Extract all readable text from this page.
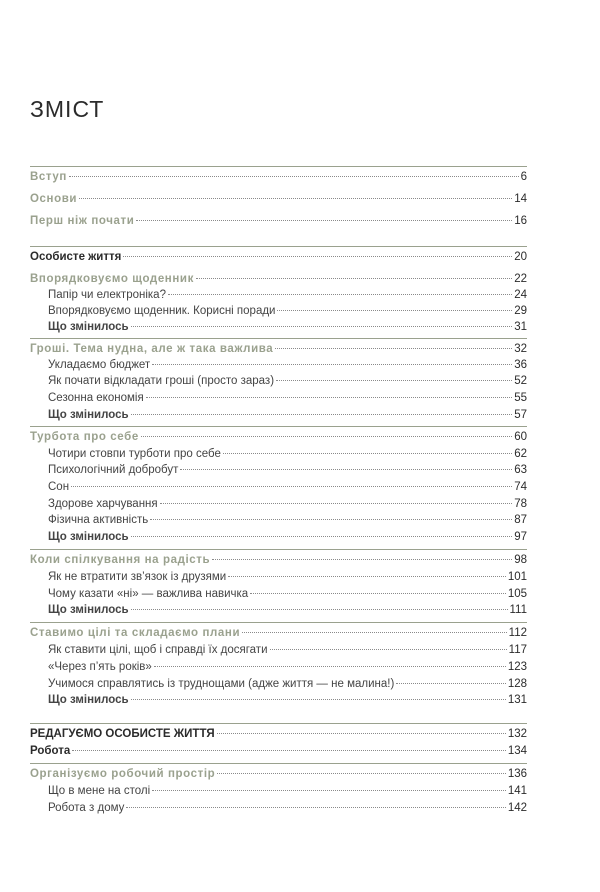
ЗМІСТ
Вступ	6
Основи	14
Перш ніж почати	16
Особисте життя	20
Впорядковуємо щоденник	22
Папір чи електроніка?	24
Впорядковуємо щоденник. Корисні поради	29
Що змінилось	31
Гроші. Тема нудна, але ж така важлива	32
Укладаємо бюджет	36
Як почати відкладати гроші (просто зараз)	52
Сезонна економія	55
Що змінилось	57
Турбота про себе	60
Чотири стовпи турботи про себе	62
Психологічний добробут	63
Сон	74
Здорове харчування	78
Фізична активність	87
Що змінилось	97
Коли спілкування на радість	98
Як не втратити зв’язок із друзями	101
Чому казати «ні» — важлива навичка	105
Що змінилось	111
Ставимо цілі та складаємо плани	112
Як ставити цілі, щоб і справді їх досягати	117
«Через п’ять років»	123
Учимося справлятись із труднощами (адже життя — не малина!)	128
Що змінилось	131
РЕДАГУЄМО ОСОБИСТЕ ЖИТТЯ	132
Робота	134
Організуємо робочий простір	136
Що в мене на столі	141
Робота з дому	142
